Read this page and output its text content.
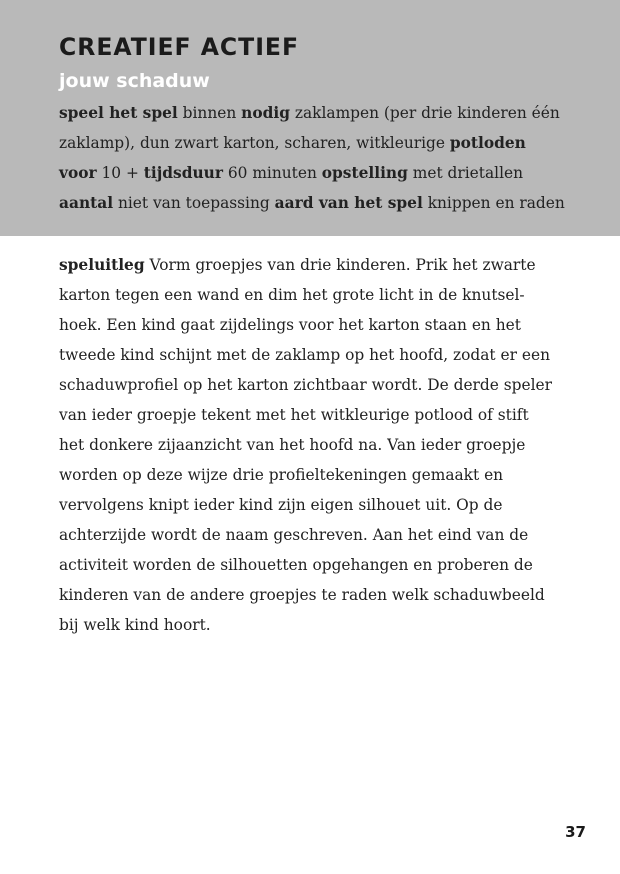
CREATIEF ACTIEF
jouw schaduw
speel het spel binnen nodig zaklampen (per drie kinderen één
zaklamp), dun zwart karton, scharen, witkleurige potloden
voor 10 + tijdsduur 60 minuten opstelling met drietallen
aantal niet van toepassing aard van het spel knippen en raden
speluitleg Vorm groepjes van drie kinderen. Prik het zwarte
karton tegen een wand en dim het grote licht in de knutsel-
hoek. Een kind gaat zijdelings voor het karton staan en het
tweede kind schijnt met de zaklamp op het hoofd, zodat er een
schaduwprofiel op het karton zichtbaar wordt. De derde speler
van ieder groepje tekent met het witkleurige potlood of stift
het donkere zijaanzicht van het hoofd na. Van ieder groepje
worden op deze wijze drie profieltekeningen gemaakt en
vervolgens knipt ieder kind zijn eigen silhouet uit. Op de
achterzijde wordt de naam geschreven. Aan het eind van de
activiteit worden de silhouetten opgehangen en proberen de
kinderen van de andere groepjes te raden welk schaduwbeeld
bij welk kind hoort.
37
